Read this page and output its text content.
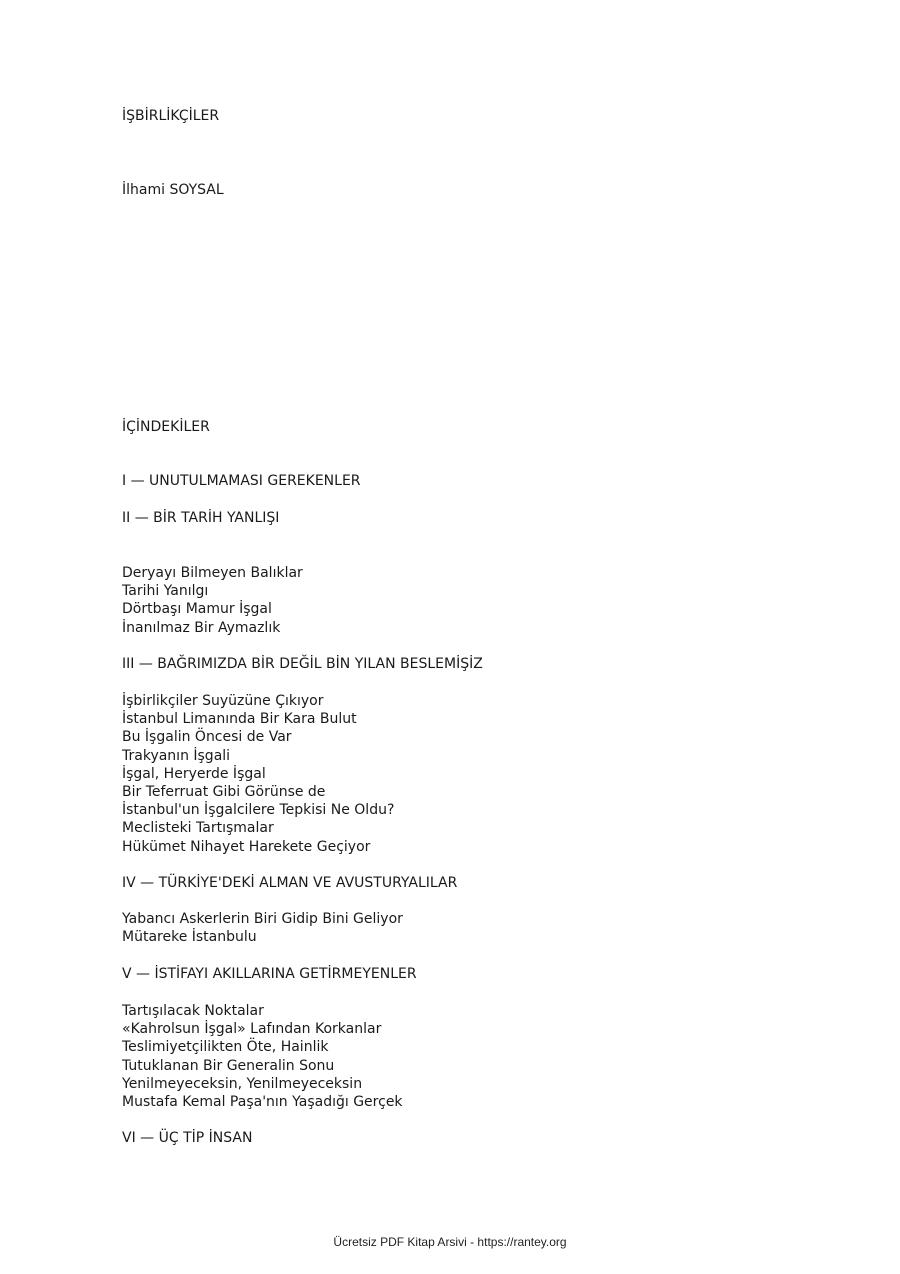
İŞBİRLİKÇİLER
İlhami SOYSAL
İÇİNDEKİLER
I — UNUTULMAMASI GEREKENLER
II — BİR TARİH YANLIŞI
Deryayı Bilmeyen Balıklar
Tarihi Yanılgı
Dörtbaşı Mamur İşgal
İnanılmaz Bir Aymazlık
III — BAĞRIMIZDA BİR DEĞİL BİN YILAN BESLEMİŞİZ
İşbirlikçiler Suyüzüne Çıkıyor
İstanbul Limanında Bir Kara Bulut
Bu İşgalin Öncesi de Var
Trakyanın İşgali
İşgal, Heryerde İşgal
Bir Teferruat Gibi Görünse de
İstanbul'un İşgalcilere Tepkisi Ne Oldu?
Meclisteki Tartışmalar
Hükümet Nihayet Harekete Geçiyor
IV — TÜRKİYE'DEKİ ALMAN VE AVUSTURYALILAR
Yabancı Askerlerin Biri Gidip Bini Geliyor
Mütareke İstanbulu
V — İSTİFAYI AKILLARINA GETİRMEYENLER
Tartışılacak Noktalar
«Kahrolsun İşgal» Lafından Korkanlar
Teslimiyetçilikten Öte, Hainlik
Tutuklanan Bir Generalin Sonu
Yenilmeyeceksin, Yenilmeyeceksin
Mustafa Kemal Paşa'nın Yaşadığı Gerçek
VI — ÜÇ TİP İNSAN
Ücretsiz PDF Kitap Arsivi - https://rantey.org
